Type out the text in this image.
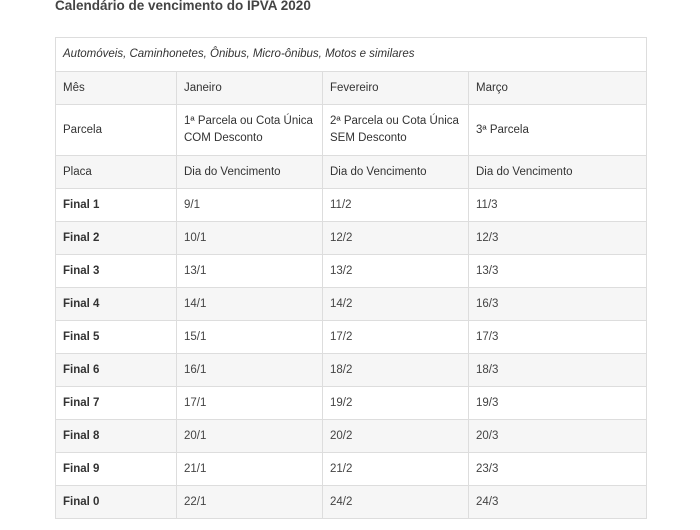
Calendário de vencimento do IPVA 2020
Automóveis, Caminhonetes, Ônibus, Micro-ônibus, Motos e similares			
Mês	Janeiro	Fevereiro	Março
Parcela	1ª Parcela ou Cota Única COM Desconto	2ª Parcela ou Cota Única SEM Desconto	3ª Parcela
Placa	Dia do Vencimento	Dia do Vencimento	Dia do Vencimento
Final 1	9/1	11/2	11/3
Final 2	10/1	12/2	12/3
Final 3	13/1	13/2	13/3
Final 4	14/1	14/2	16/3
Final 5	15/1	17/2	17/3
Final 6	16/1	18/2	18/3
Final 7	17/1	19/2	19/3
Final 8	20/1	20/2	20/3
Final 9	21/1	21/2	23/3
Final 0	22/1	24/2	24/3
